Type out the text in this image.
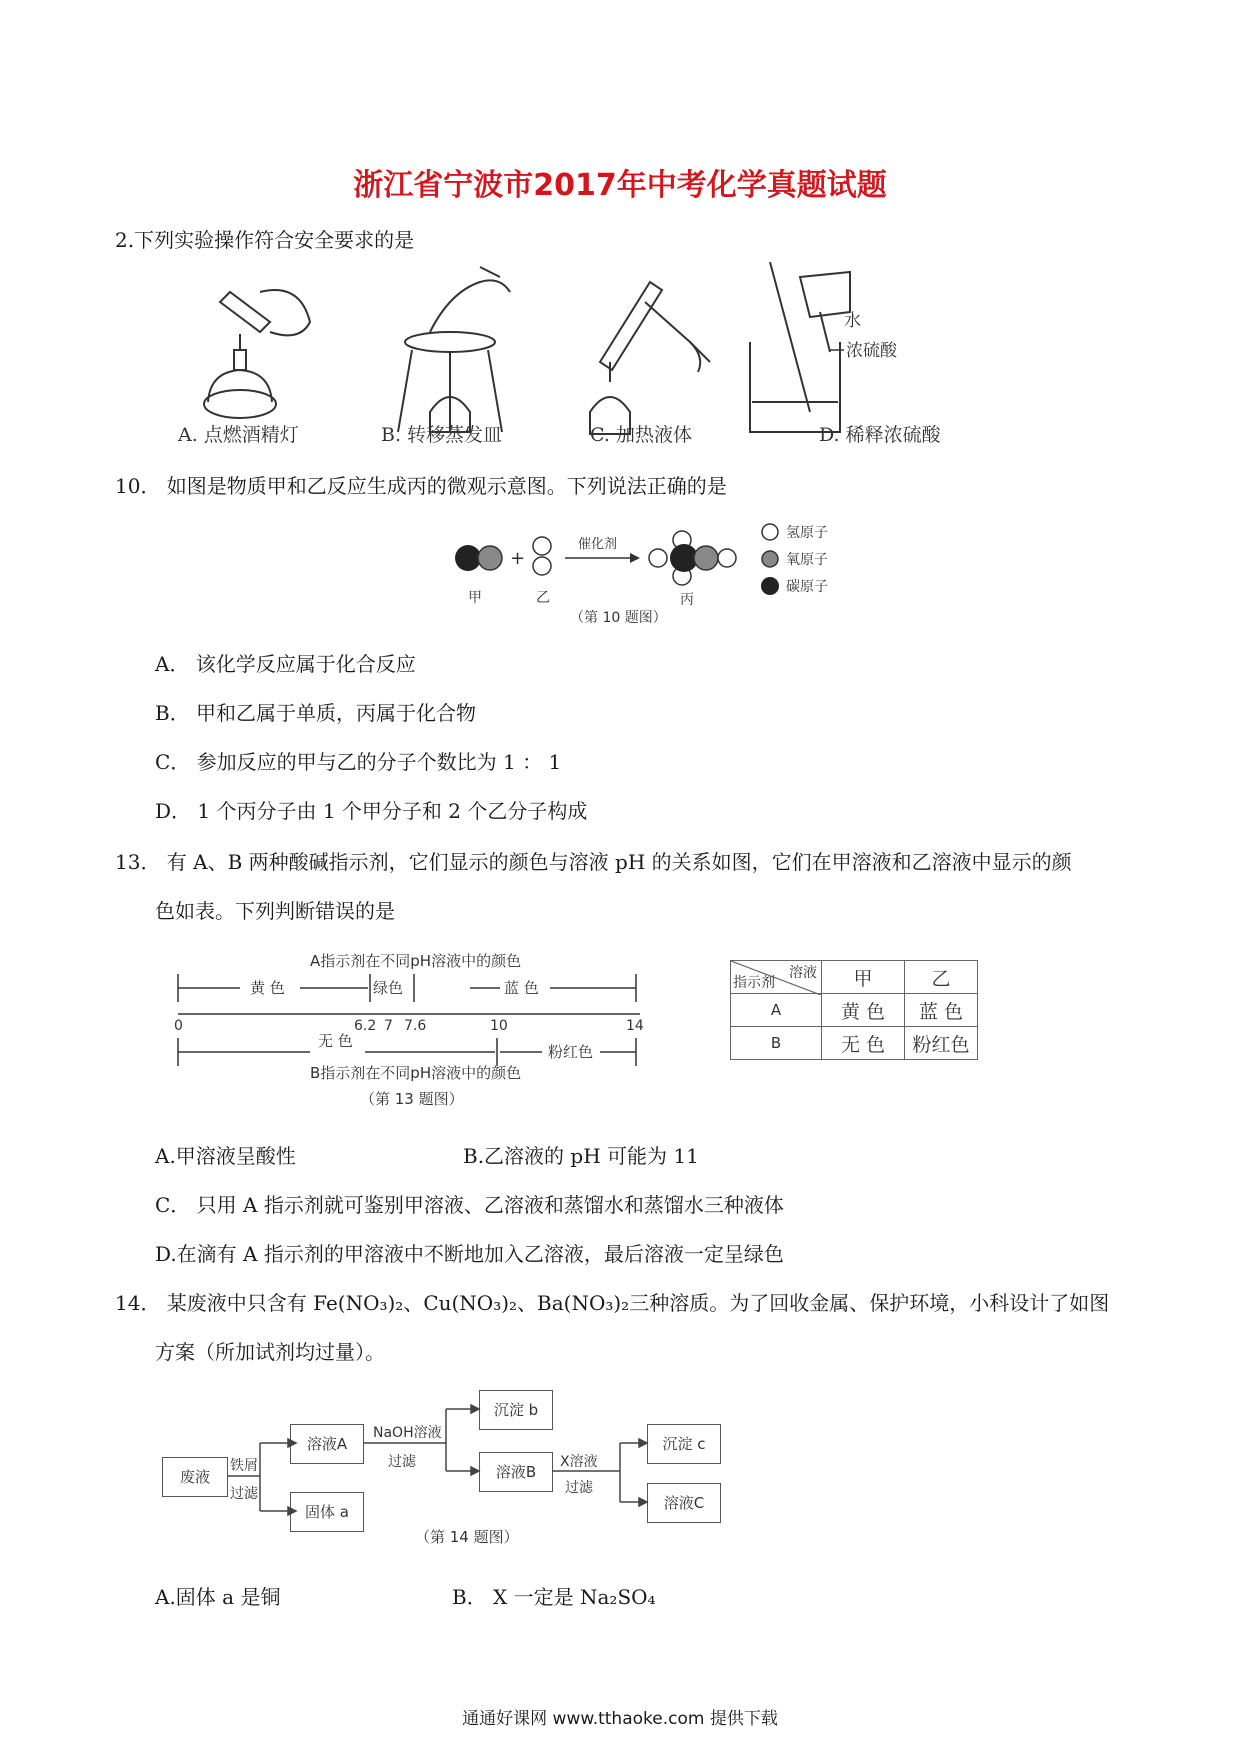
浙江省宁波市2017年中考化学真题试题
2.下列实验操作符合安全要求的是
水
浓硫酸
A. 点燃酒精灯	B. 转移蒸发皿	C. 加热液体	D. 稀释浓硫酸
10． 如图是物质甲和乙反应生成丙的微观示意图。下列说法正确的是
+
催化剂
甲	乙	丙
（第 10 题图）
氢原子
氧原子
碳原子
A． 该化学反应属于化合反应
B． 甲和乙属于单质，丙属于化合物
C． 参加反应的甲与乙的分子个数比为 1 ： 1
D． 1 个丙分子由 1 个甲分子和 2 个乙分子构成
13． 有 A、B 两种酸碱指示剂，它们显示的颜色与溶液 pH 的关系如图，它们在甲溶液和乙溶液中显示的颜
色如表。下列判断错误的是
A指示剂在不同pH溶液中的颜色
黄 色	绿色	蓝 色
0	6.2 7 7.6	10	14
无 色
粉红色
B指示剂在不同pH溶液中的颜色
（第 13 题图）
溶液
指示剂	甲	乙
A	黄 色	蓝 色
B	无 色	粉红色
A.甲溶液呈酸性	B.乙溶液的 pH 可能为 11
C． 只用 A 指示剂就可鉴别甲溶液、乙溶液和蒸馏水和蒸馏水三种液体
D.在滴有 A 指示剂的甲溶液中不断地加入乙溶液，最后溶液一定呈绿色
14． 某废液中只含有 Fe(NO₃)₂、Cu(NO₃)₂、Ba(NO₃)₂三种溶质。为了回收金属、保护环境，小科设计了如图
方案（所加试剂均过量）。
废液
溶液A
固体 a
沉淀 b
溶液B
沉淀 c
溶液C
铁屑
过滤
NaOH溶液
过滤	X溶液
过滤
（第 14 题图）
A.固体 a 是铜	B． X 一定是 Na₂SO₄
通通好课网 www.tthaoke.com 提供下载
